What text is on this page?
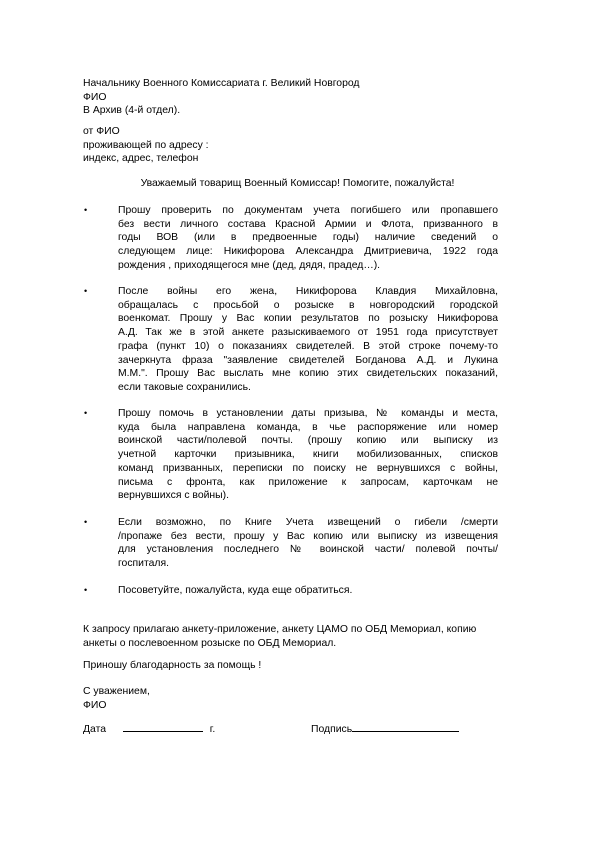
Начальнику Военного Комиссариата г. Великий Новгород
ФИО
В Архив (4-й отдел).
от ФИО
проживающей по адресу :
индекс, адрес, телефон
Уважаемый товарищ Военный Комиссар! Помогите, пожалуйста!
•	Прошу проверить по документам учета погибшего или пропавшего
без вести личного состава Красной Армии и Флота, призванного в
годы ВОВ (или в предвоенные годы) наличие сведений о
следующем лице: Никифорова Александра Дмитриевича, 1922 года
рождения , приходящегося мне (дед, дядя, прадед…).
•	После войны его жена, Никифорова Клавдия Михайловна,
обращалась с просьбой о розыске в новгородский городской
военкомат. Прошу у Вас копии результатов по розыску Никифорова
А.Д. Так же в этой анкете разыскиваемого от 1951 года присутствует
графа (пункт 10) о показаниях свидетелей. В этой строке почему-то
зачеркнута фраза "заявление свидетелей Богданова А.Д. и Лукина
М.М.". Прошу Вас выслать мне копию этих свидетельских показаний,
если таковые сохранились.
•	Прошу помочь в установлении даты призыва, № команды и места,
куда была направлена команда, в чье распоряжение или номер
воинской части/полевой почты. (прошу копию или выписку из
учетной карточки призывника, книги мобилизованных, списков
команд призванных, переписки по поиску не вернувшихся с войны,
письма с фронта, как приложение к запросам, карточкам не
вернувшихся с войны).
•	Если возможно, по Книге Учета извещений о гибели /смерти
/пропаже без вести, прошу у Вас копию или выписку из извещения
для установления последнего № воинской части/ полевой почты/
госпиталя.
•	Посоветуйте, пожалуйста, куда еще обратиться.
К запросу прилагаю анкету-приложение, анкету ЦАМО по ОБД Мемориал, копию
анкеты о послевоенном розыске по ОБД Мемориал.
Приношу благодарность за помощь !
С уважением,
ФИО
Дата	г.	Подпись
